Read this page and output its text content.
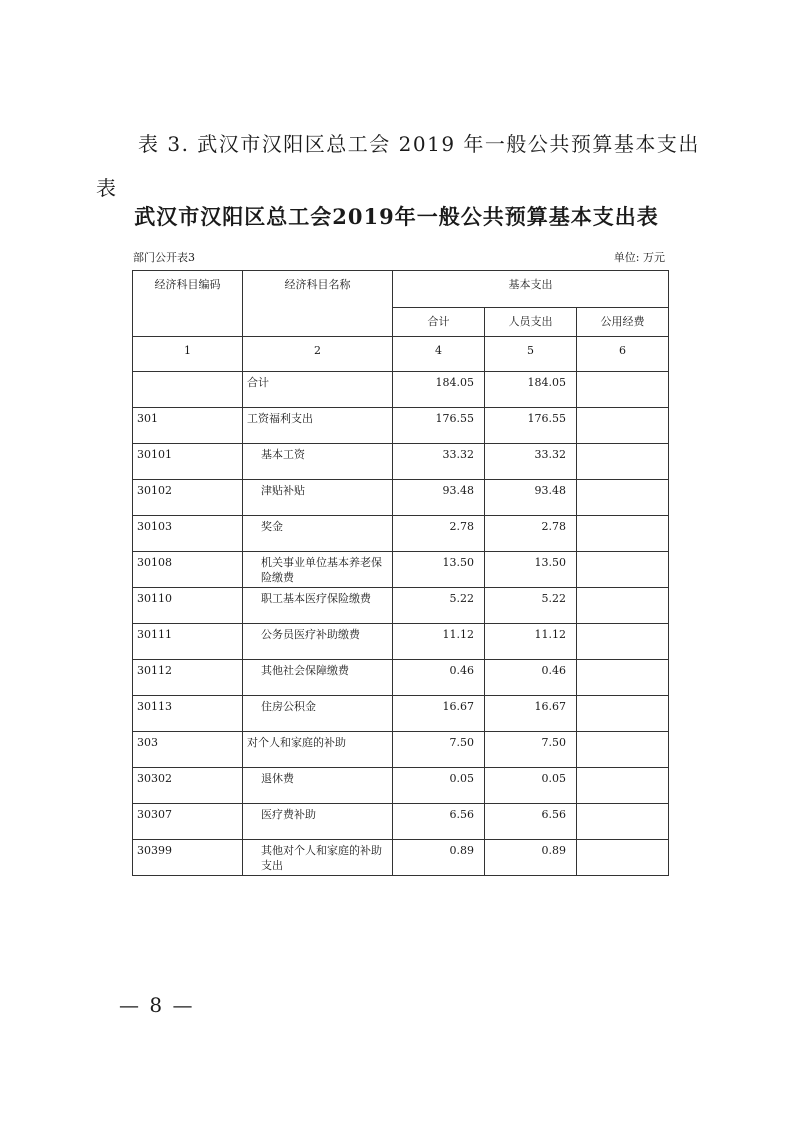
表 3. 武汉市汉阳区总工会 2019 年一般公共预算基本支出
表
武汉市汉阳区总工会2019年一般公共预算基本支出表
部门公开表3	单位: 万元
经济科目编码	经济科目名称	基本支出		
		合计	人员支出	公用经费
1	2	4	5	6
	合计	184.05	184.05	
301	工资福利支出	176.55	176.55	
30101	基本工资	33.32	33.32	
30102	津贴补贴	93.48	93.48	
30103	奖金	2.78	2.78	
30108	机关事业单位基本养老保险缴费	13.50	13.50	
30110	职工基本医疗保险缴费	5.22	5.22	
30111	公务员医疗补助缴费	11.12	11.12	
30112	其他社会保障缴费	0.46	0.46	
30113	住房公积金	16.67	16.67	
303	对个人和家庭的补助	7.50	7.50	
30302	退休费	0.05	0.05	
30307	医疗费补助	6.56	6.56	
30399	其他对个人和家庭的补助支出	0.89	0.89	
— 8 —
